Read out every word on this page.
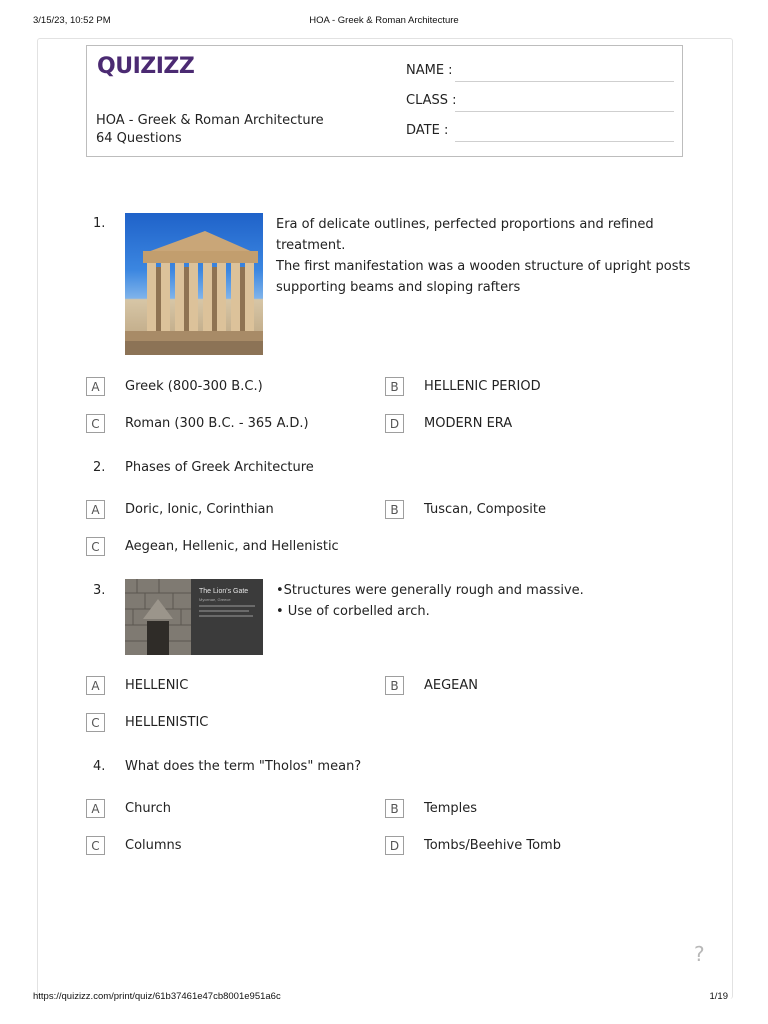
3/15/23, 10:52 PM	HOA - Greek & Roman Architecture
QUIZIZZ
HOA - Greek & Roman Architecture
64 Questions
NAME :
CLASS :
DATE :
1.	Era of delicate outlines, perfected proportions and refined
treatment.
The first manifestation was a wooden structure of upright posts
supporting beams and sloping rafters
A	Greek (800-300 B.C.)	B	HELLENIC PERIOD
C	Roman (300 B.C. - 365 A.D.)	D	MODERN ERA
2. Phases of Greek Architecture
A	Doric, Ionic, Corinthian	B	Tuscan, Composite
C	Aegean, Hellenic, and Hellenistic
3.	The Lion's Gate
Mycenae, Greece
•Structures were generally rough and massive.
• Use of corbelled arch.
A	HELLENIC	B	AEGEAN
C	HELLENISTIC
4. What does the term "Tholos" mean?
A	Church	B	Temples
C	Columns	D	Tombs/Beehive Tomb
?
https://quizizz.com/print/quiz/61b37461e47cb8001e951a6c	1/19
